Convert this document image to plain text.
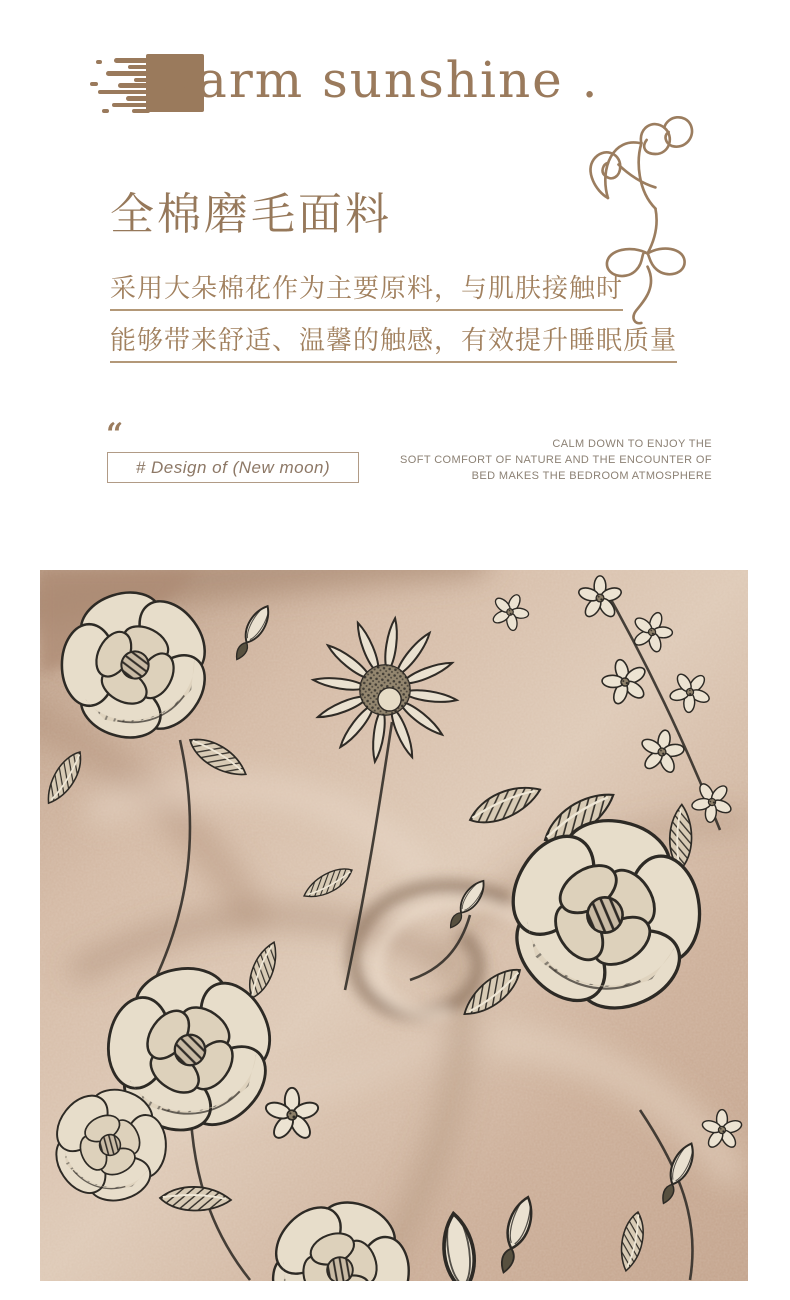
Warm sunshine .
全棉磨毛面料
采用大朵棉花作为主要原料，与肌肤接触时
能够带来舒适、温馨的触感，有效提升睡眠质量
“
# Design of (New moon)
CALM DOWN TO ENJOY THE
SOFT COMFORT OF NATURE AND THE ENCOUNTER OF
BED MAKES THE BEDROOM ATMOSPHERE
